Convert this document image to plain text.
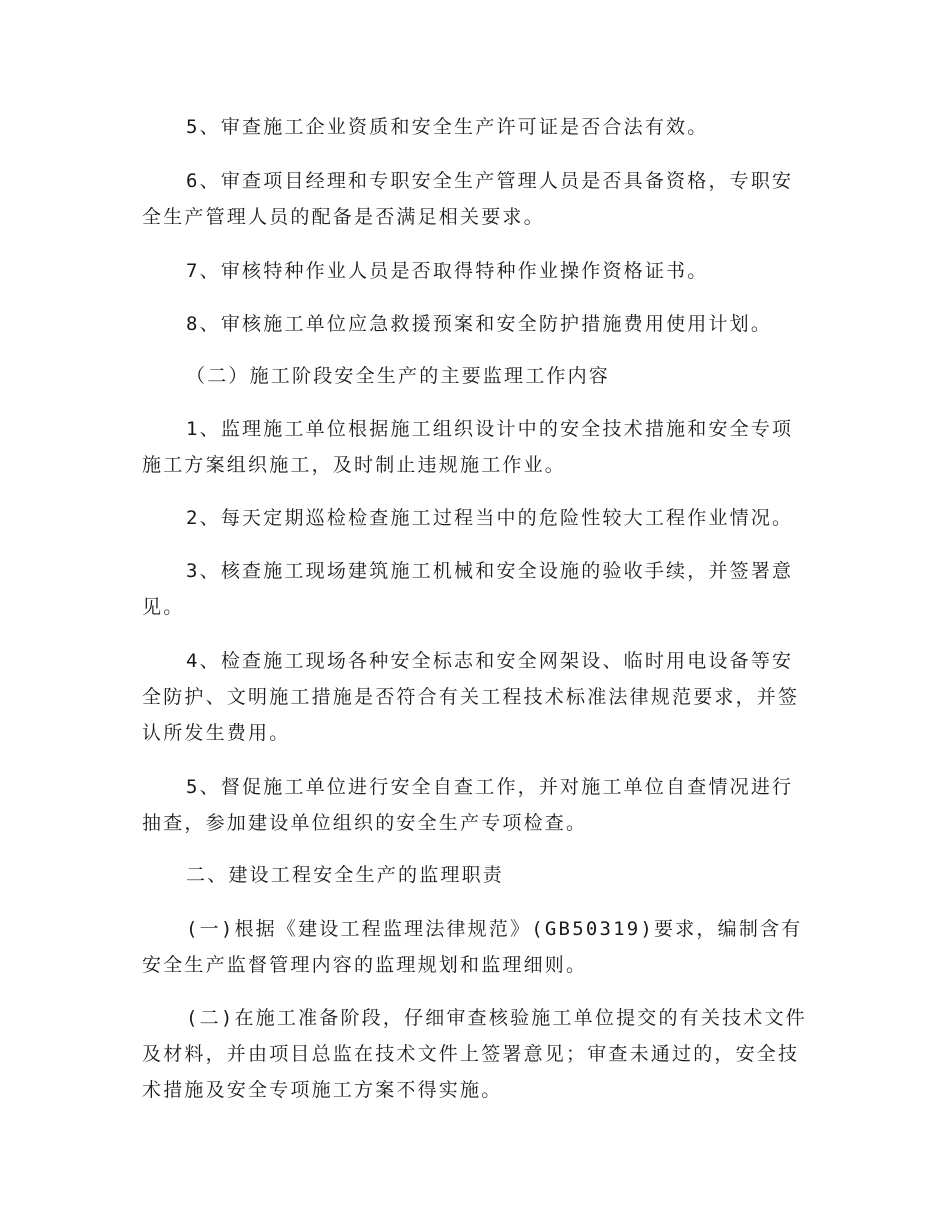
5、审查施工企业资质和安全生产许可证是否合法有效。

6、审查项目经理和专职安全生产管理人员是否具备资格，专职安全生产管理人员的配备是否满足相关要求。

7、审核特种作业人员是否取得特种作业操作资格证书。

8、审核施工单位应急救援预案和安全防护措施费用使用计划。

（二）施工阶段安全生产的主要监理工作内容

1、监理施工单位根据施工组织设计中的安全技术措施和安全专项施工方案组织施工，及时制止违规施工作业。

2、每天定期巡检检查施工过程当中的危险性较大工程作业情况。

3、核查施工现场建筑施工机械和安全设施的验收手续，并签署意见。

4、检查施工现场各种安全标志和安全网架设、临时用电设备等安全防护、文明施工措施是否符合有关工程技术标准法律规范要求，并签认所发生费用。

5、督促施工单位进行安全自查工作，并对施工单位自查情况进行抽查，参加建设单位组织的安全生产专项检查。

二、建设工程安全生产的监理职责

(一)根据《建设工程监理法律规范》(GB50319)要求，编制含有安全生产监督管理内容的监理规划和监理细则。

(二)在施工准备阶段，仔细审查核验施工单位提交的有关技术文件及材料，并由项目总监在技术文件上签署意见；审查未通过的，安全技术措施及安全专项施工方案不得实施。
